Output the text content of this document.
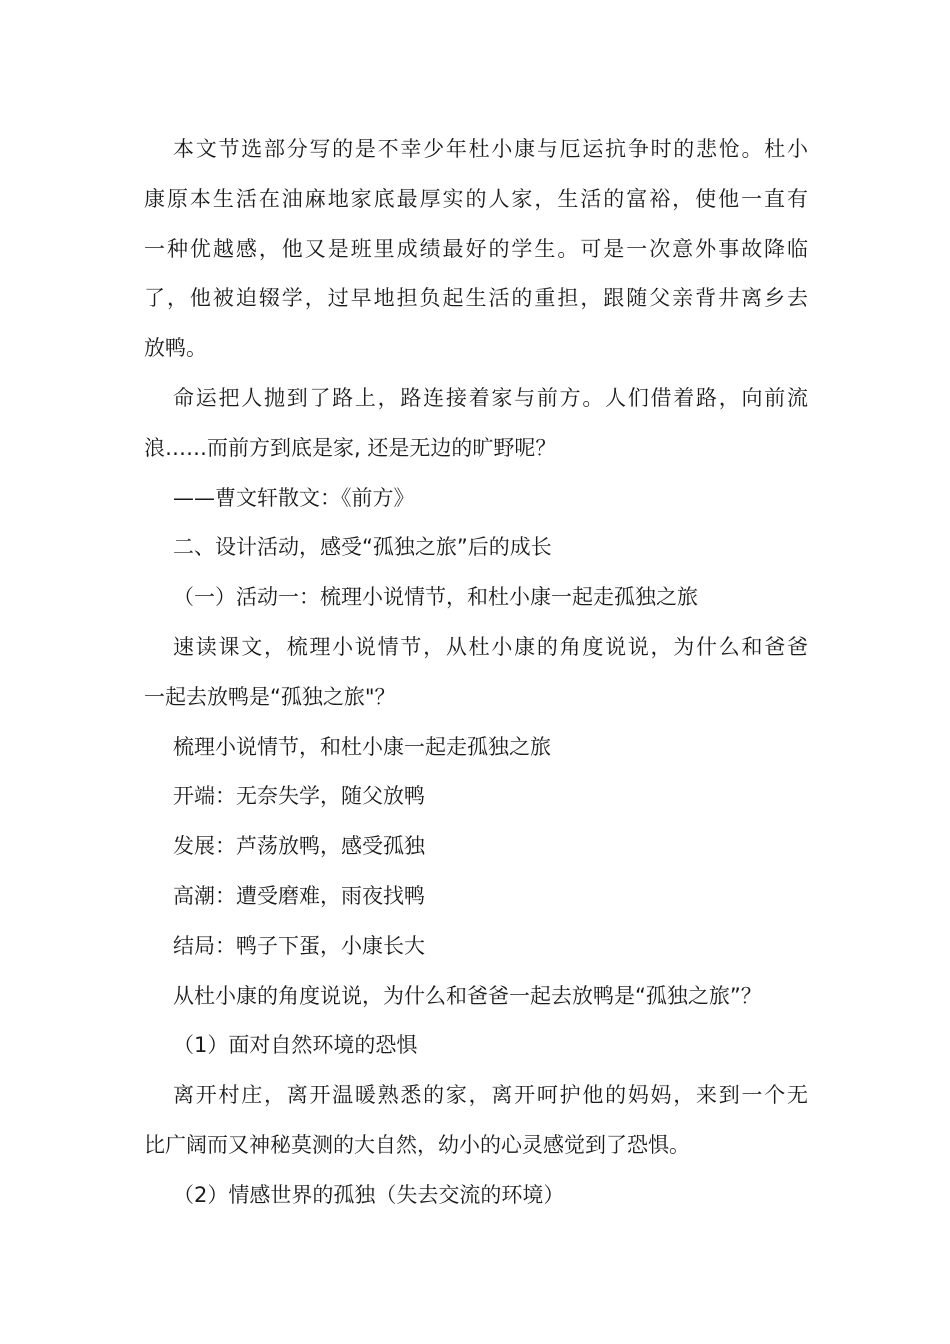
本文节选部分写的是不幸少年杜小康与厄运抗争时的悲怆。杜小
康原本生活在油麻地家底最厚实的人家，生活的富裕，使他一直有
一种优越感，他又是班里成绩最好的学生。可是一次意外事故降临
了，他被迫辍学，过早地担负起生活的重担，跟随父亲背井离乡去
放鸭。
命运把人抛到了路上，路连接着家与前方。人们借着路，向前流
浪……而前方到底是家, 还是无边的旷野呢？
——曹文轩散文：《前方》
二、设计活动，感受“孤独之旅”后的成长
（一）活动一：梳理小说情节，和杜小康一起走孤独之旅
速读课文，梳理小说情节，从杜小康的角度说说，为什么和爸爸
一起去放鸭是“孤独之旅"？
梳理小说情节，和杜小康一起走孤独之旅
开端：无奈失学，随父放鸭
发展：芦荡放鸭，感受孤独
高潮：遭受磨难，雨夜找鸭
结局：鸭子下蛋，小康长大
从杜小康的角度说说，为什么和爸爸一起去放鸭是“孤独之旅”？
（1）面对自然环境的恐惧
离开村庄，离开温暖熟悉的家，离开呵护他的妈妈，来到一个无
比广阔而又神秘莫测的大自然，幼小的心灵感觉到了恐惧。
（2）情感世界的孤独（失去交流的环境）
